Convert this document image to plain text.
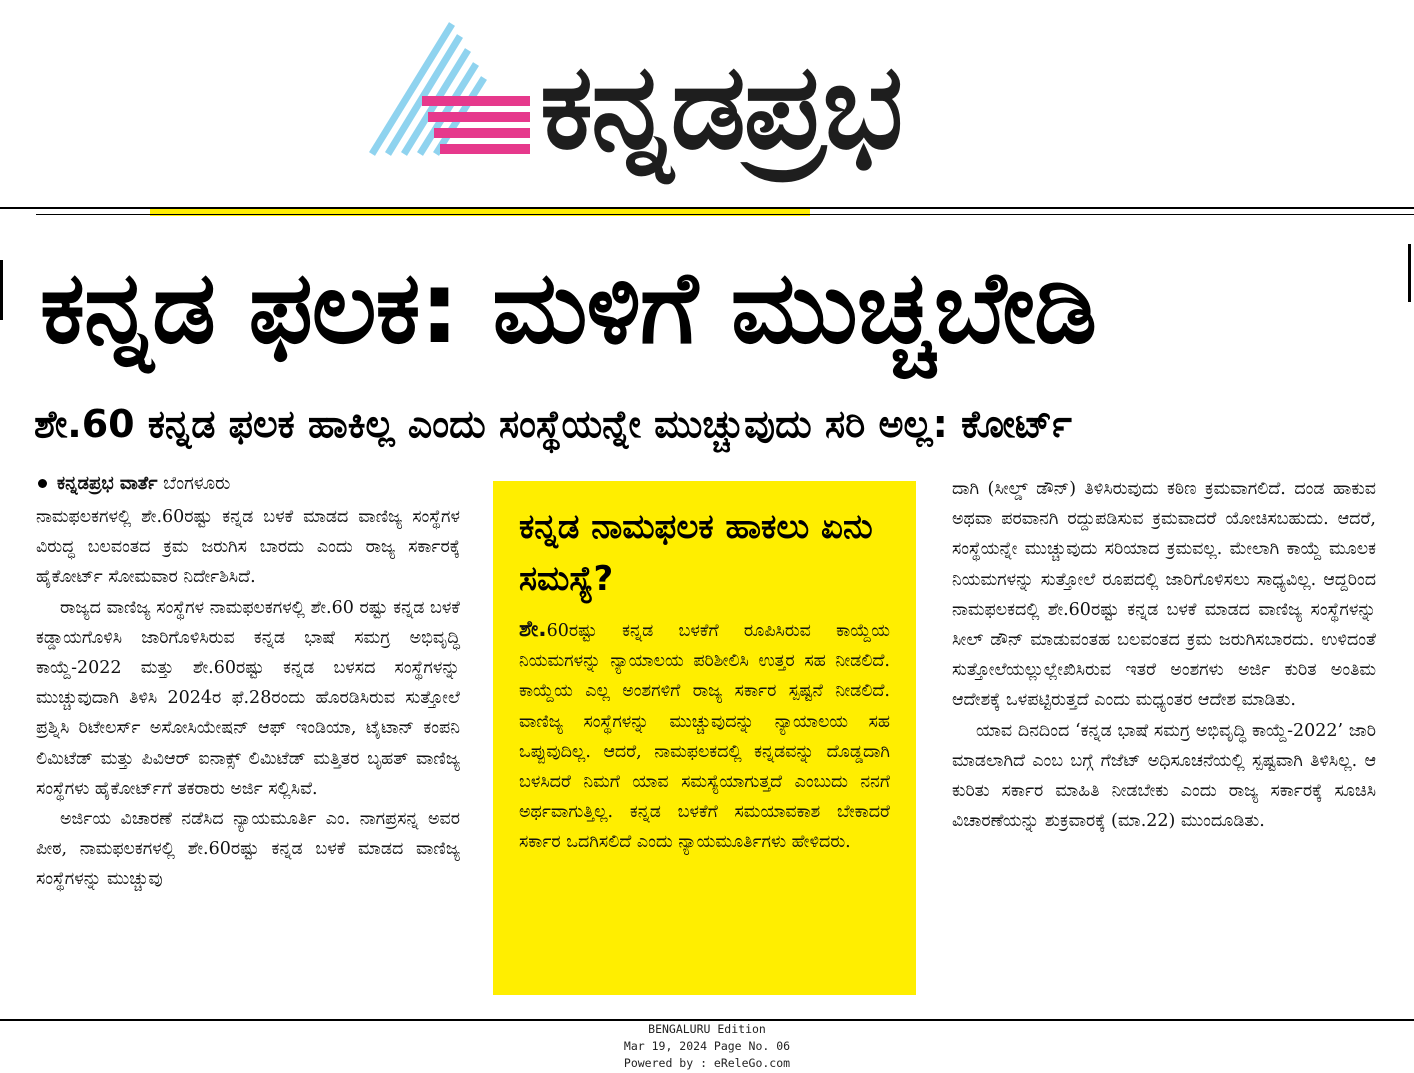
ಕನ್ನಡಪ್ರಭ
ಕನ್ನಡ ಫಲಕ: ಮಳಿಗೆ ಮುಚ್ಚಬೇಡಿ
ಶೇ.60 ಕನ್ನಡ ಫಲಕ ಹಾಕಿಲ್ಲ ಎಂದು ಸಂಸ್ಥೆಯನ್ನೇ ಮುಚ್ಚುವುದು ಸರಿ ಅಲ್ಲ: ಕೋರ್ಟ್

ಕನ್ನಡಪ್ರಭ ವಾರ್ತೆ ಬೆಂಗಳೂರು

ನಾಮಫಲಕಗಳಲ್ಲಿ ಶೇ.60ರಷ್ಟು ಕನ್ನಡ ಬಳಕೆ ಮಾಡದ ವಾಣಿಜ್ಯ ಸಂಸ್ಥೆಗಳ ವಿರುದ್ಧ ಬಲವಂತದ ಕ್ರಮ ಜರುಗಿಸ ಬಾರದು ಎಂದು ರಾಜ್ಯ ಸರ್ಕಾರಕ್ಕೆ ಹೈಕೋರ್ಟ್ ಸೋಮವಾರ ನಿರ್ದೇಶಿಸಿದೆ.

ರಾಜ್ಯದ ವಾಣಿಜ್ಯ ಸಂಸ್ಥೆಗಳ ನಾಮಫಲಕಗಳಲ್ಲಿ ಶೇ.60 ರಷ್ಟು ಕನ್ನಡ ಬಳಕೆ ಕಡ್ಡಾಯಗೊಳಿಸಿ ಜಾರಿಗೊಳಿಸಿರುವ ಕನ್ನಡ ಭಾಷೆ ಸಮಗ್ರ ಅಭಿವೃದ್ಧಿ ಕಾಯ್ದೆ-2022 ಮತ್ತು ಶೇ.60ರಷ್ಟು ಕನ್ನಡ ಬಳಸದ ಸಂಸ್ಥೆಗಳನ್ನು ಮುಚ್ಚುವುದಾಗಿ ತಿಳಿಸಿ 2024ರ ಫೆ.28ರಂದು ಹೊರಡಿಸಿರುವ ಸುತ್ತೋಲೆ ಪ್ರಶ್ನಿಸಿ ರಿಟೇಲರ್ಸ್ ಅಸೋಸಿಯೇಷನ್ ಆಫ್ ಇಂಡಿಯಾ, ಟೈಟಾನ್ ಕಂಪನಿ ಲಿಮಿಟೆಡ್ ಮತ್ತು ಪಿವಿಆರ್ ಐನಾಕ್ಸ್ ಲಿಮಿಟೆಡ್ ಮತ್ತಿತರ ಬೃಹತ್ ವಾಣಿಜ್ಯ ಸಂಸ್ಥೆಗಳು ಹೈಕೋರ್ಟ್‌ಗೆ ತಕರಾರು ಅರ್ಜಿ ಸಲ್ಲಿಸಿವೆ.

ಅರ್ಜಿಯ ವಿಚಾರಣೆ ನಡೆಸಿದ ನ್ಯಾಯಮೂರ್ತಿ ಎಂ. ನಾಗಪ್ರಸನ್ನ ಅವರ ಪೀಠ, ನಾಮಫಲಕಗಳಲ್ಲಿ ಶೇ.60ರಷ್ಟು ಕನ್ನಡ ಬಳಕೆ ಮಾಡದ ವಾಣಿಜ್ಯ ಸಂಸ್ಥೆಗಳನ್ನು ಮುಚ್ಚುವು

ಕನ್ನಡ ನಾಮಫಲಕ ಹಾಕಲು ಏನು ಸಮಸ್ಯೆ?

ಶೇ.60ರಷ್ಟು ಕನ್ನಡ ಬಳಕೆಗೆ ರೂಪಿಸಿರುವ ಕಾಯ್ದೆಯ ನಿಯಮಗಳನ್ನು ನ್ಯಾಯಾಲಯ ಪರಿಶೀಲಿಸಿ ಉತ್ತರ ಸಹ ನೀಡಲಿದೆ. ಕಾಯ್ದೆಯ ಎಲ್ಲ ಅಂಶಗಳಿಗೆ ರಾಜ್ಯ ಸರ್ಕಾರ ಸ್ಪಷ್ಟನೆ ನೀಡಲಿದೆ. ವಾಣಿಜ್ಯ ಸಂಸ್ಥೆಗಳನ್ನು ಮುಚ್ಚುವುದನ್ನು ನ್ಯಾಯಾಲಯ ಸಹ ಒಪ್ಪುವುದಿಲ್ಲ. ಆದರೆ, ನಾಮಫಲಕದಲ್ಲಿ ಕನ್ನಡವನ್ನು ದೊಡ್ಡದಾಗಿ ಬಳಸಿದರೆ ನಿಮಗೆ ಯಾವ ಸಮಸ್ಯೆಯಾಗುತ್ತದೆ ಎಂಬುದು ನನಗೆ ಅರ್ಥವಾಗುತ್ತಿಲ್ಲ. ಕನ್ನಡ ಬಳಕೆಗೆ ಸಮಯಾವಕಾಶ ಬೇಕಾದರೆ ಸರ್ಕಾರ ಒದಗಿಸಲಿದೆ ಎಂದು ನ್ಯಾಯಮೂರ್ತಿಗಳು ಹೇಳಿದರು.

ದಾಗಿ (ಸೀಲ್ಡ್ ಡೌನ್) ತಿಳಿಸಿರುವುದು ಕಠಿಣ ಕ್ರಮವಾಗಲಿದೆ. ದಂಡ ಹಾಕುವ ಅಥವಾ ಪರವಾನಗಿ ರದ್ದುಪಡಿಸುವ ಕ್ರಮವಾದರೆ ಯೋಚಿಸಬಹುದು. ಆದರೆ, ಸಂಸ್ಥೆಯನ್ನೇ ಮುಚ್ಚುವುದು ಸರಿಯಾದ ಕ್ರಮವಲ್ಲ. ಮೇಲಾಗಿ ಕಾಯ್ದೆ ಮೂಲಕ ನಿಯಮಗಳನ್ನು ಸುತ್ತೋಲೆ ರೂಪದಲ್ಲಿ ಜಾರಿಗೊಳಿಸಲು ಸಾಧ್ಯವಿಲ್ಲ. ಆದ್ದರಿಂದ ನಾಮಫಲಕದಲ್ಲಿ ಶೇ.60ರಷ್ಟು ಕನ್ನಡ ಬಳಕೆ ಮಾಡದ ವಾಣಿಜ್ಯ ಸಂಸ್ಥೆಗಳನ್ನು ಸೀಲ್ ಡೌನ್ ಮಾಡುವಂತಹ ಬಲವಂತದ ಕ್ರಮ ಜರುಗಿಸಬಾರದು. ಉಳಿದಂತೆ ಸುತ್ತೋಲೆಯಲ್ಲುಲ್ಲೇಖಿಸಿರುವ ಇತರೆ ಅಂಶಗಳು ಅರ್ಜಿ ಕುರಿತ ಅಂತಿಮ ಆದೇಶಕ್ಕೆ ಒಳಪಟ್ಟಿರುತ್ತದೆ ಎಂದು ಮಧ್ಯಂತರ ಆದೇಶ ಮಾಡಿತು.

ಯಾವ ದಿನದಿಂದ ‘ಕನ್ನಡ ಭಾಷೆ ಸಮಗ್ರ ಅಭಿವೃದ್ಧಿ ಕಾಯ್ದೆ-2022’ ಜಾರಿ ಮಾಡಲಾಗಿದೆ ಎಂಬ ಬಗ್ಗೆ ಗೆಜೆಟ್ ಅಧಿಸೂಚನೆಯಲ್ಲಿ ಸ್ಪಷ್ಟವಾಗಿ ತಿಳಿಸಿಲ್ಲ. ಆ ಕುರಿತು ಸರ್ಕಾರ ಮಾಹಿತಿ ನೀಡಬೇಕು ಎಂದು ರಾಜ್ಯ ಸರ್ಕಾರಕ್ಕೆ ಸೂಚಿಸಿ ವಿಚಾರಣೆಯನ್ನು ಶುಕ್ರವಾರಕ್ಕೆ (ಮಾ.22) ಮುಂದೂಡಿತು.

BENGALURU Edition
Mar 19, 2024 Page No. 06
Powered by : eReleGo.com
